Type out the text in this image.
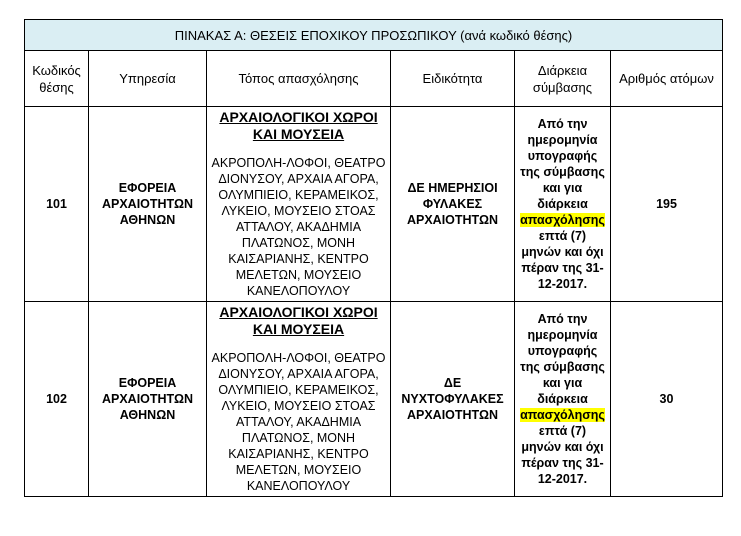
ΠΙΝΑΚΑΣ Α: ΘΕΣΕΙΣ ΕΠΟΧΙΚΟΥ ΠΡΟΣΩΠΙΚΟΥ (ανά κωδικό θέσης)					
Κωδικός θέσης	Υπηρεσία	Τόπος απασχόλησης	Ειδικότητα	Διάρκεια σύμβασης	Αριθμός ατόμων
101	ΕΦΟΡΕΙΑ ΑΡΧΑΙΟΤΗΤΩΝ ΑΘΗΝΩΝ	ΑΡΧΑΙΟΛΟΓΙΚΟΙ ΧΩΡΟΙ ΚΑΙ ΜΟΥΣΕΙΑ
ΑΚΡΟΠΟΛΗ-ΛΟΦΟΙ, ΘΕΑΤΡΟ ΔΙΟΝΥΣΟΥ, ΑΡΧΑΙΑ ΑΓΟΡΑ, ΟΛΥΜΠΙΕΙΟ, ΚΕΡΑΜΕΙΚΟΣ, ΛΥΚΕΙΟ, ΜΟΥΣΕΙΟ ΣΤΟΑΣ ΑΤΤΑΛΟΥ, ΑΚΑΔΗΜΙΑ ΠΛΑΤΩΝΟΣ, ΜΟΝΗ ΚΑΙΣΑΡΙΑΝΗΣ, ΚΕΝΤΡΟ ΜΕΛΕΤΩΝ, ΜΟΥΣΕΙΟ ΚΑΝΕΛΟΠΟΥΛΟΥ	ΔΕ ΗΜΕΡΗΣΙΟΙ ΦΥΛΑΚΕΣ ΑΡΧΑΙΟΤΗΤΩΝ	Από την ημερομηνία υπογραφής της σύμβασης και για διάρκεια απασχόλησης επτά (7) μηνών και όχι πέραν της 31-12-2017.	195
102	ΕΦΟΡΕΙΑ ΑΡΧΑΙΟΤΗΤΩΝ ΑΘΗΝΩΝ	ΑΡΧΑΙΟΛΟΓΙΚΟΙ ΧΩΡΟΙ ΚΑΙ ΜΟΥΣΕΙΑ
ΑΚΡΟΠΟΛΗ-ΛΟΦΟΙ, ΘΕΑΤΡΟ ΔΙΟΝΥΣΟΥ, ΑΡΧΑΙΑ ΑΓΟΡΑ, ΟΛΥΜΠΙΕΙΟ, ΚΕΡΑΜΕΙΚΟΣ, ΛΥΚΕΙΟ, ΜΟΥΣΕΙΟ ΣΤΟΑΣ ΑΤΤΑΛΟΥ, ΑΚΑΔΗΜΙΑ ΠΛΑΤΩΝΟΣ, ΜΟΝΗ ΚΑΙΣΑΡΙΑΝΗΣ, ΚΕΝΤΡΟ ΜΕΛΕΤΩΝ, ΜΟΥΣΕΙΟ ΚΑΝΕΛΟΠΟΥΛΟΥ	ΔΕ ΝΥΧΤΟΦΥΛΑΚΕΣ ΑΡΧΑΙΟΤΗΤΩΝ	Από την ημερομηνία υπογραφής της σύμβασης και για διάρκεια απασχόλησης επτά (7) μηνών και όχι πέραν της 31-12-2017.	30
